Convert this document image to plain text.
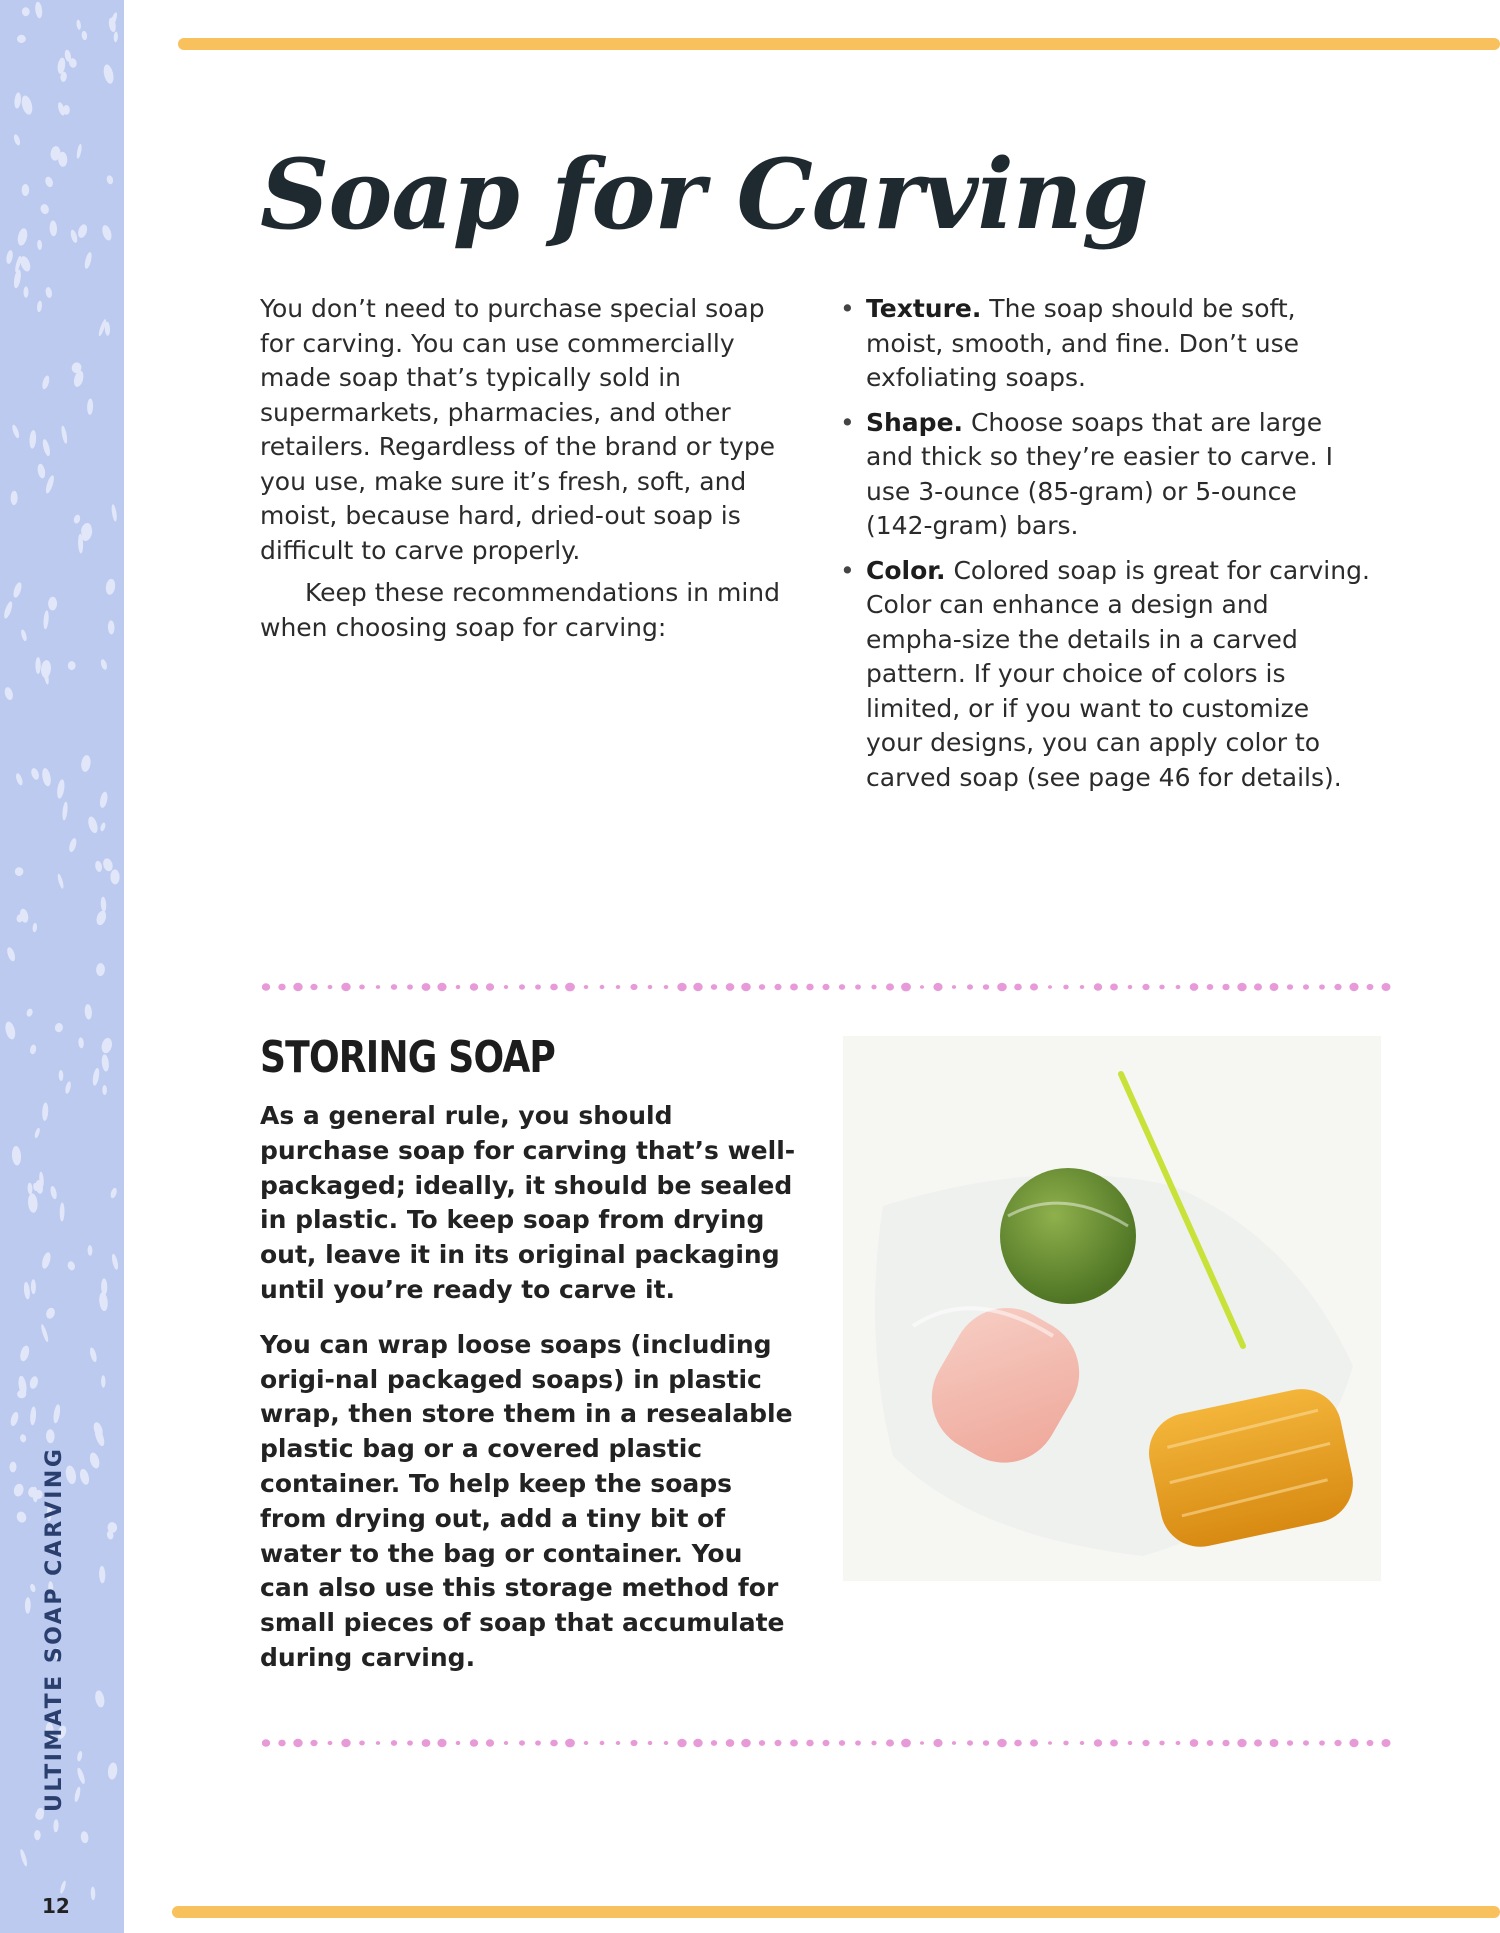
ULTIMATE SOAP CARVING
12
Soap for Carving

You don’t need to purchase special soap for carving. You can use commercially made soap that’s typically sold in supermarkets, pharmacies, and other retailers. Regardless of the brand or type you use, make sure it’s fresh, soft, and moist, because hard, dried-out soap is difficult to carve properly.

Keep these recommendations in mind when choosing soap for carving:

• Texture. The soap should be soft, moist, smooth, and fine. Don’t use exfoliating soaps.
• Shape. Choose soaps that are large and thick so they’re easier to carve. I use 3-ounce (85-gram) or 5-ounce (142-gram) bars.
• Color. Colored soap is great for carving. Color can enhance a design and empha-size the details in a carved pattern. If your choice of colors is limited, or if you want to customize your designs, you can apply color to carved soap (see page 46 for details).
STORING SOAP

As a general rule, you should purchase soap for carving that’s well-packaged; ideally, it should be sealed in plastic. To keep soap from drying out, leave it in its original packaging until you’re ready to carve it.

You can wrap loose soaps (including origi-nal packaged soaps) in plastic wrap, then store them in a resealable plastic bag or a covered plastic container. To help keep the soaps from drying out, add a tiny bit of water to the bag or container. You can also use this storage method for small pieces of soap that accumulate during carving.
